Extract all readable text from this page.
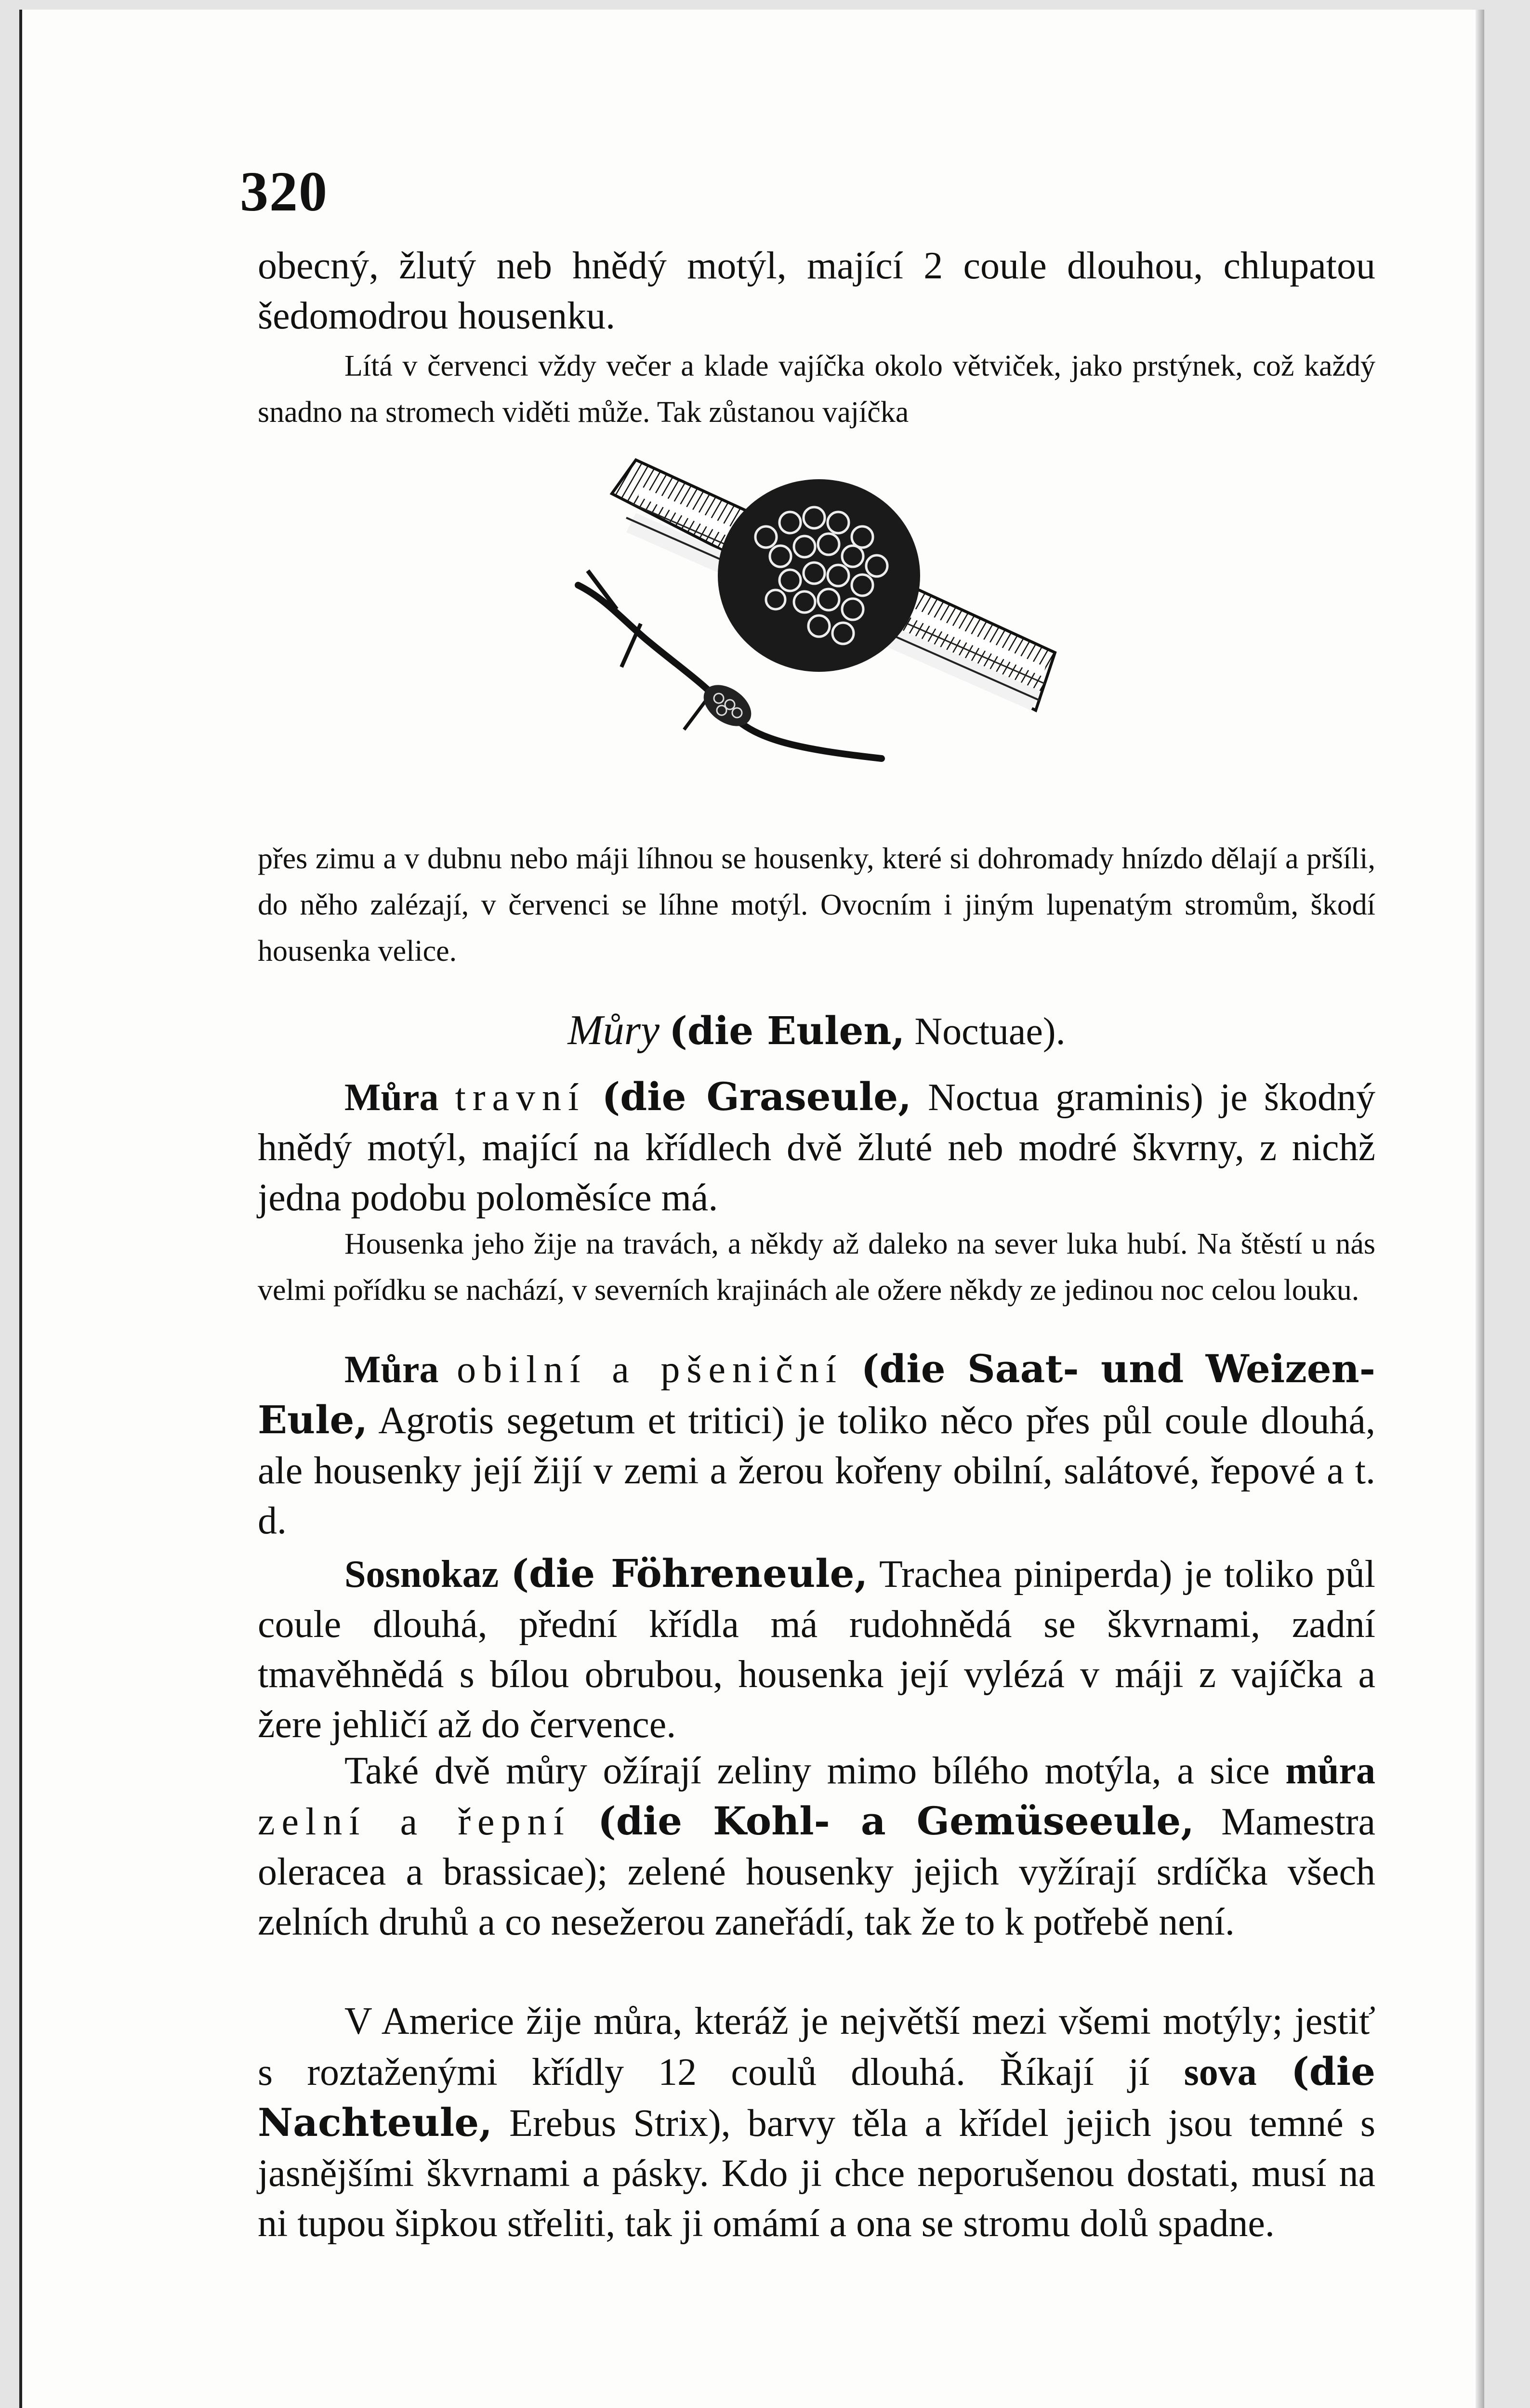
320

obecný, žlutý neb hnědý motýl, mající 2 coule dlouhou, chlupatou šedomodrou housenku.

Lítá v červenci vždy večer a klade vajíčka okolo větviček, jako prstýnek, což každý snadno na stromech viděti může. Tak zůstanou vajíčka

přes zimu a v dubnu nebo máji líhnou se housenky, které si dohromady hnízdo dělají a pršíli, do něho zalézají, v červenci se líhne motýl. Ovocním i jiným lupenatým stromům, škodí housenka velice.

Můry (die Eulen, Noctuae).

Můra travní (die Graseule, Noctua graminis) je škodný hnědý motýl, mající na křídlech dvě žluté neb modré škvrny, z nichž jedna podobu poloměsíce má.

Housenka jeho žije na travách, a někdy až daleko na sever luka hubí. Na štěstí u nás velmi pořídku se nachází, v severních krajinách ale ožere někdy ze jedinou noc celou louku.

Můra obilní a pšeniční (die Saat- und Weizen-Eule, Agrotis segetum et tritici) je toliko něco přes půl coule dlouhá, ale housenky její žijí v zemi a žerou kořeny obilní, salátové, řepové a t. d.

Sosnokaz (die Föhreneule, Trachea piniperda) je toliko půl coule dlouhá, přední křídla má rudohnědá se škvrnami, zadní tmavěhnědá s bílou obrubou, housenka její vylézá v máji z vajíčka a žere jehličí až do července.

Také dvě můry ožírají zeliny mimo bílého motýla, a sice můra zelní a řepní (die Kohl- a Gemüseeule, Mamestra oleracea a brassicae); zelené housenky jejich vyžírají srdíčka všech zelních druhů a co nesežerou zaneřádí, tak že to k potřebě není.

V Americe žije můra, kteráž je největší mezi všemi motýly; jestiť s roztaženými křídly 12 coulů dlouhá. Říkají jí sova (die Nachteule, Erebus Strix), barvy těla a křídel jejich jsou temné s jasnějšími škvrnami a pásky. Kdo ji chce neporušenou dostati, musí na ni tupou šipkou střeliti, tak ji omámí a ona se stromu dolů spadne.
